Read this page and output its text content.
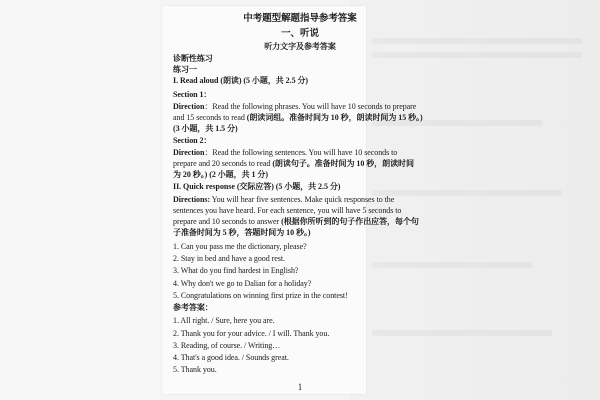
中考题型解题指导参考答案
一、听说
听力文字及参考答案
诊断性练习
练习一
I. Read aloud (朗读) (5 小题，共 2.5 分)
Section 1：
Direction：Read the following phrases. You will have 10 seconds to prepare
and 15 seconds to read (朗读词组。准备时间为 10 秒，朗读时间为 15 秒。)
(3 小题，共 1.5 分)
Section 2：
Direction：Read the following sentences. You will have 10 seconds to
prepare and 20 seconds to read (朗读句子。准备时间为 10 秒，朗读时间
为 20 秒。) (2 小题，共 1 分)
II. Quick response (交际应答) (5 小题，共 2.5 分)
Directions: You will hear five sentences. Make quick responses to the
sentences you have heard. For each sentence, you will have 5 seconds to
prepare and 10 seconds to answer (根据你所听到的句子作出应答，每个句
子准备时间为 5 秒，答题时间为 10 秒。)
1. Can you pass me the dictionary, please?
2. Stay in bed and have a good rest.
3. What do you find hardest in English?
4. Why don't we go to Dalian for a holiday?
5. Congratulations on winning first prize in the contest!
参考答案：
1. All right. / Sure, here you are.
2. Thank you for your advice. / I will. Thank you.
3. Reading, of course. / Writing…
4. That's a good idea. / Sounds great.
5. Thank you.
1
